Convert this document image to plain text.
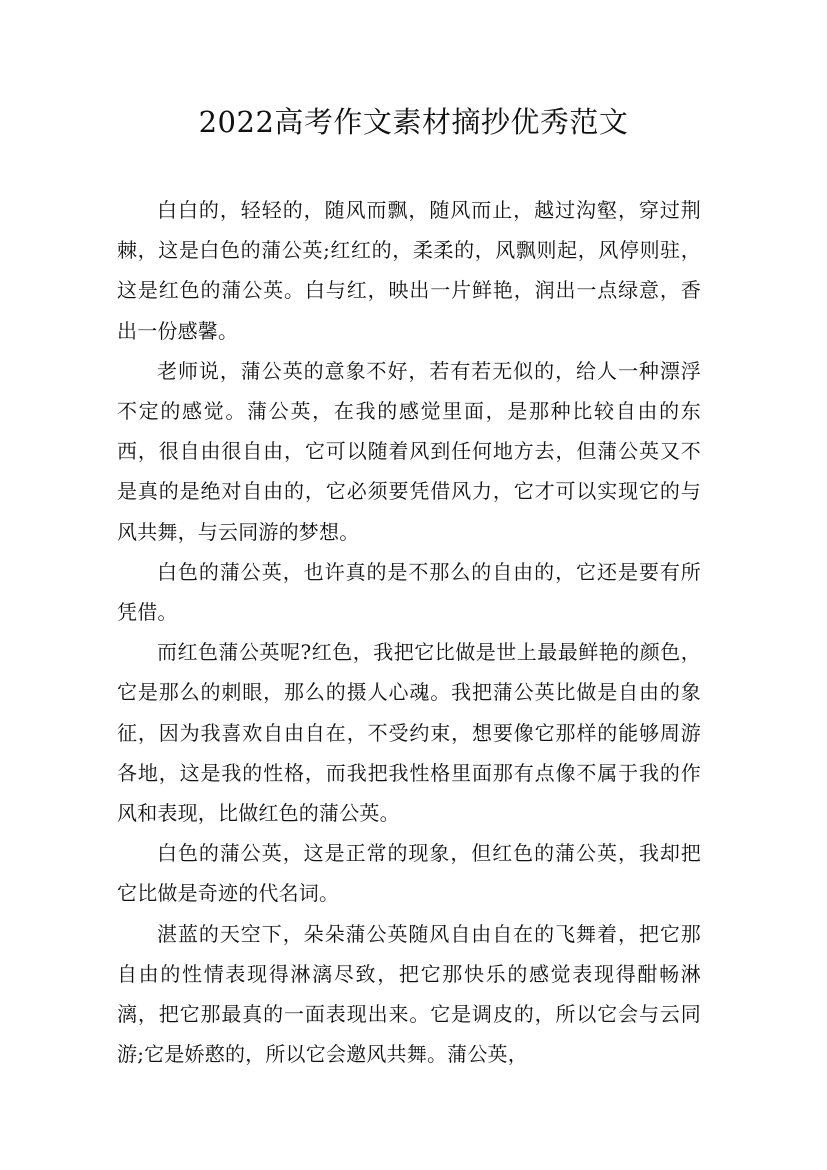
2022高考作文素材摘抄优秀范文

白白的，轻轻的，随风而飘，随风而止，越过沟壑，穿过荆棘，这是白色的蒲公英;红红的，柔柔的，风飘则起，风停则驻，这是红色的蒲公英。白与红，映出一片鲜艳，润出一点绿意，香出一份感馨。

老师说，蒲公英的意象不好，若有若无似的，给人一种漂浮不定的感觉。蒲公英，在我的感觉里面，是那种比较自由的东西，很自由很自由，它可以随着风到任何地方去，但蒲公英又不是真的是绝对自由的，它必须要凭借风力，它才可以实现它的与风共舞，与云同游的梦想。

白色的蒲公英，也许真的是不那么的自由的，它还是要有所凭借。

而红色蒲公英呢?红色，我把它比做是世上最最鲜艳的颜色，它是那么的刺眼，那么的摄人心魂。我把蒲公英比做是自由的象征，因为我喜欢自由自在，不受约束，想要像它那样的能够周游各地，这是我的性格，而我把我性格里面那有点像不属于我的作风和表现，比做红色的蒲公英。

白色的蒲公英，这是正常的现象，但红色的蒲公英，我却把它比做是奇迹的代名词。

湛蓝的天空下，朵朵蒲公英随风自由自在的飞舞着，把它那自由的性情表现得淋漓尽致，把它那快乐的感觉表现得酣畅淋漓，把它那最真的一面表现出来。它是调皮的，所以它会与云同游;它是娇憨的，所以它会邀风共舞。蒲公英，
